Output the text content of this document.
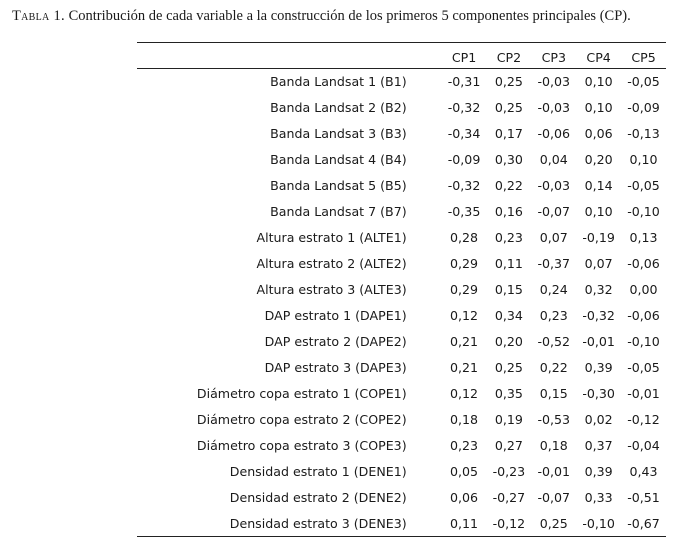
Tabla 1. Contribución de cada variable a la construcción de los primeros 5 componentes principales (CP).
	CP1	CP2	CP3	CP4	CP5
Banda Landsat 1 (B1)	-0,31	0,25	-0,03	0,10	-0,05
Banda Landsat 2 (B2)	-0,32	0,25	-0,03	0,10	-0,09
Banda Landsat 3 (B3)	-0,34	0,17	-0,06	0,06	-0,13
Banda Landsat 4 (B4)	-0,09	0,30	0,04	0,20	0,10
Banda Landsat 5 (B5)	-0,32	0,22	-0,03	0,14	-0,05
Banda Landsat 7 (B7)	-0,35	0,16	-0,07	0,10	-0,10
Altura estrato 1 (ALTE1)	0,28	0,23	0,07	-0,19	0,13
Altura estrato 2 (ALTE2)	0,29	0,11	-0,37	0,07	-0,06
Altura estrato 3 (ALTE3)	0,29	0,15	0,24	0,32	0,00
DAP estrato 1 (DAPE1)	0,12	0,34	0,23	-0,32	-0,06
DAP estrato 2 (DAPE2)	0,21	0,20	-0,52	-0,01	-0,10
DAP estrato 3 (DAPE3)	0,21	0,25	0,22	0,39	-0,05
Diámetro copa estrato 1 (COPE1)	0,12	0,35	0,15	-0,30	-0,01
Diámetro copa estrato 2 (COPE2)	0,18	0,19	-0,53	0,02	-0,12
Diámetro copa estrato 3 (COPE3)	0,23	0,27	0,18	0,37	-0,04
Densidad estrato 1 (DENE1)	0,05	-0,23	-0,01	0,39	0,43
Densidad estrato 2 (DENE2)	0,06	-0,27	-0,07	0,33	-0,51
Densidad estrato 3 (DENE3)	0,11	-0,12	0,25	-0,10	-0,67
